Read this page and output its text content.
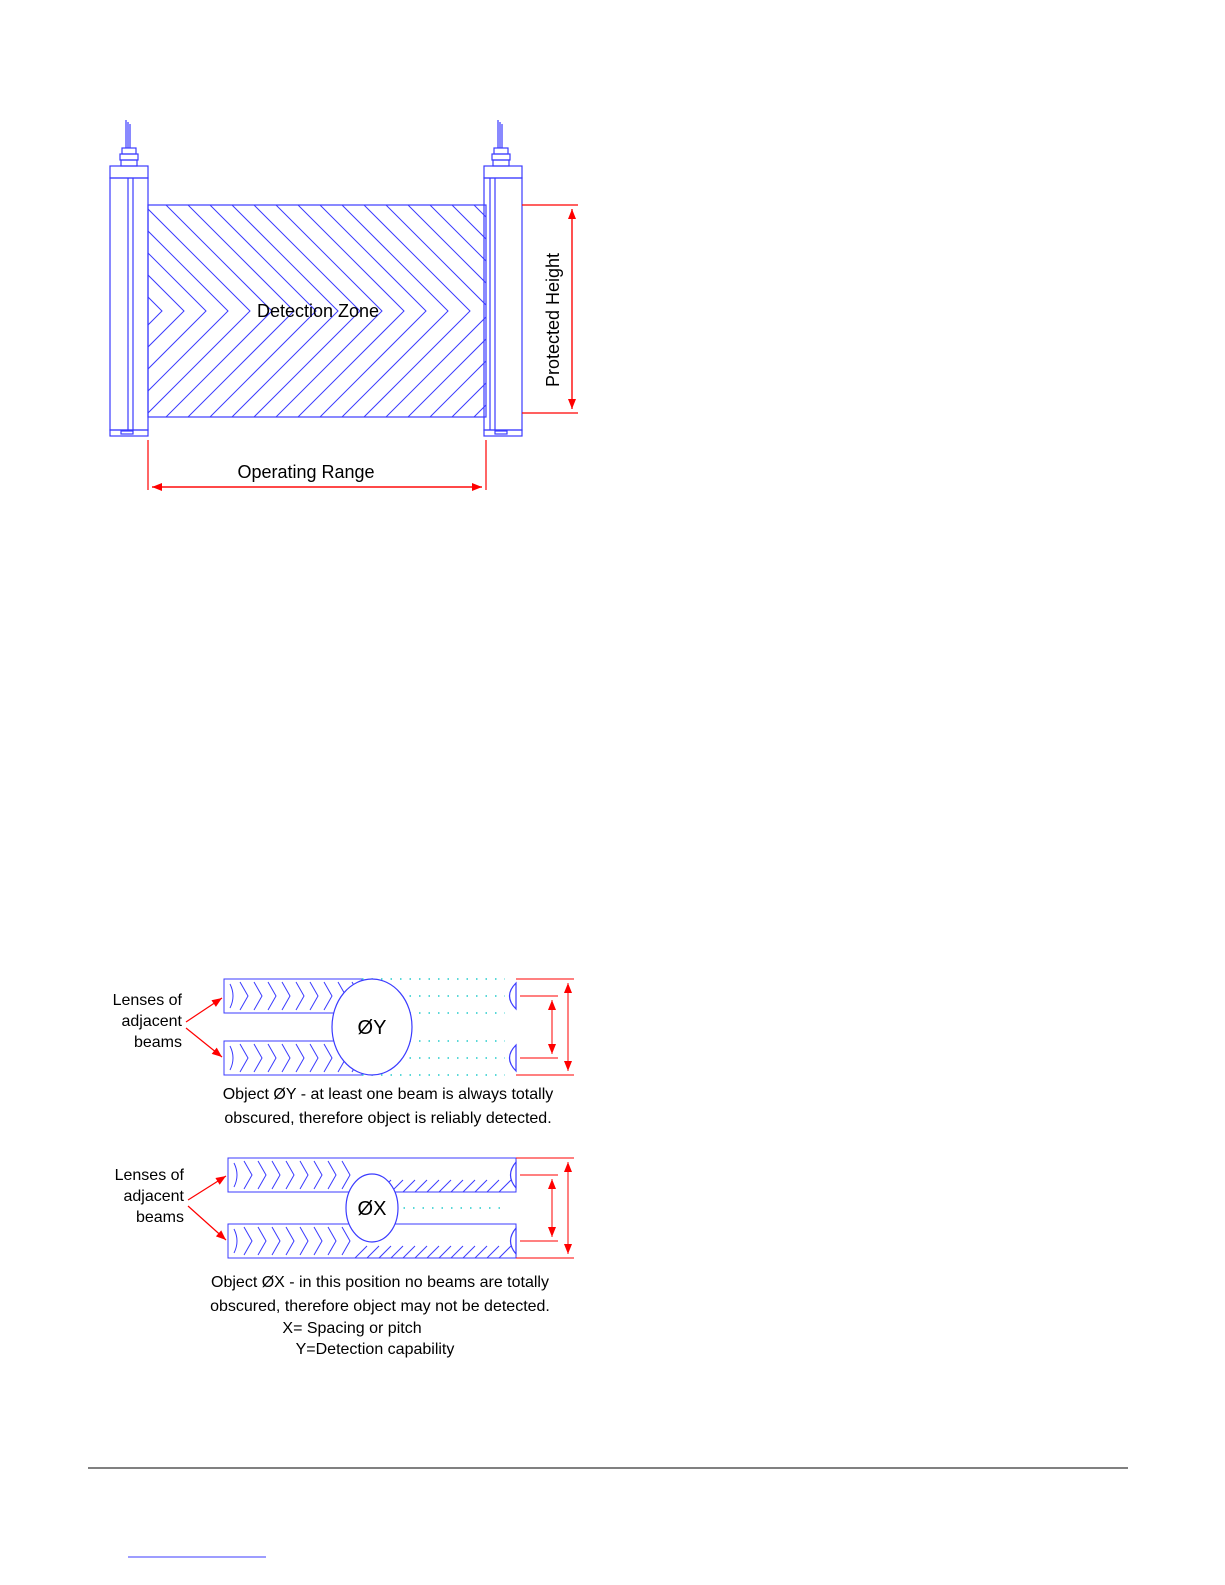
Detection Zone	Protected Height
Operating Range
Lenses of
adjacent
beams
ØY
Object ØY - at least one beam is always totally
obscured, therefore object is reliably detected.
Lenses of
adjacent
beams	ØX
Object ØX - in this position no beams are totally
obscured, therefore object may not be detected.
X= Spacing or pitch
Y=Detection capability
